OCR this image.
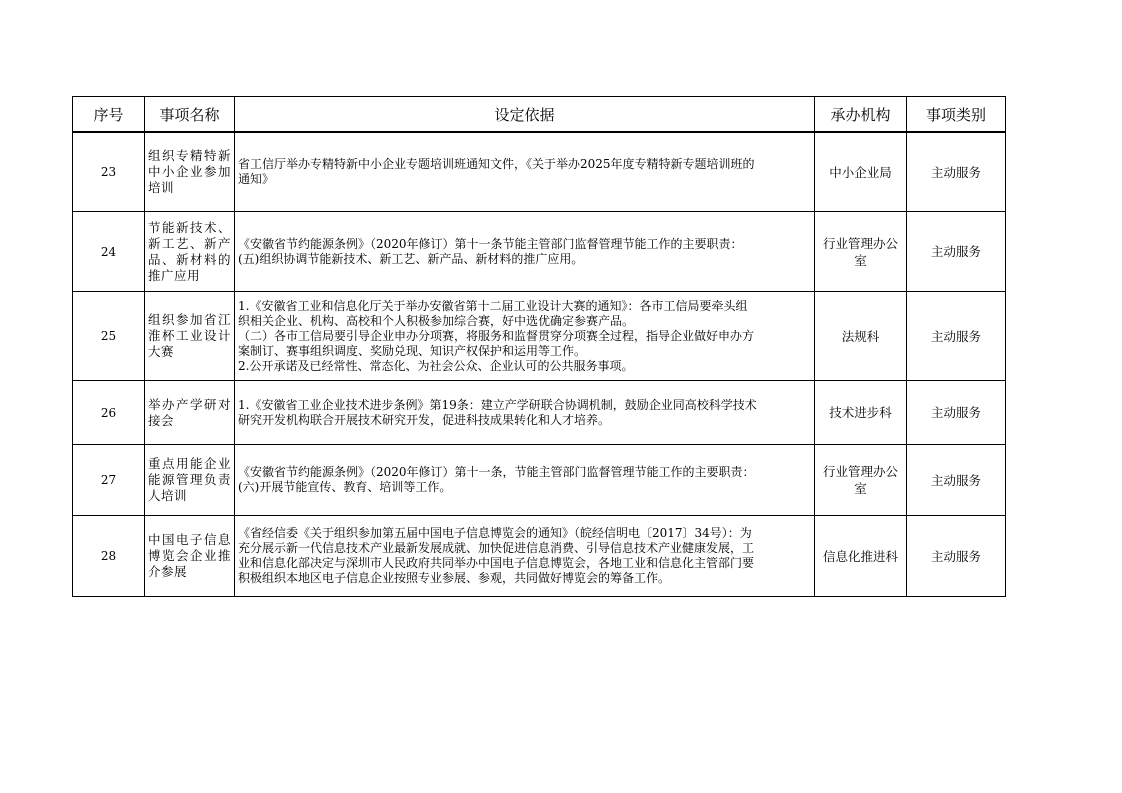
序号	事项名称	设定依据	承办机构	事项类别
23	组织专精特新中小企业参加培训	省工信厅举办专精特新中小企业专题培训班通知文件，《关于举办2025年度专精特新专题培训班的
通知》	中小企业局	主动服务
24	节能新技术、新工艺、新产品、新材料的推广应用	《安徽省节约能源条例》（2020年修订）第十一条节能主管部门监督管理节能工作的主要职责：
(五)组织协调节能新技术、新工艺、新产品、新材料的推广应用。	行业管理办公室	主动服务
25	组织参加省江淮杯工业设计大赛	1.《安徽省工业和信息化厅关于举办安徽省第十二届工业设计大赛的通知》：各市工信局要牵头组
织相关企业、机构、高校和个人积极参加综合赛，好中选优确定参赛产品。
（二）各市工信局要引导企业申办分项赛，将服务和监督贯穿分项赛全过程，指导企业做好申办方
案制订、赛事组织调度、奖励兑现、知识产权保护和运用等工作。
2.公开承诺及已经常性、常态化、为社会公众、企业认可的公共服务事项。	法规科	主动服务
26	举办产学研对接会	1.《安徽省工业企业技术进步条例》第19条：建立产学研联合协调机制，鼓励企业同高校科学技术
研究开发机构联合开展技术研究开发，促进科技成果转化和人才培养。	技术进步科	主动服务
27	重点用能企业能源管理负责人培训	《安徽省节约能源条例》（2020年修订）第十一条，节能主管部门监督管理节能工作的主要职责：
(六)开展节能宣传、教育、培训等工作。	行业管理办公室	主动服务
28	中国电子信息博览会企业推介参展	《省经信委《关于组织参加第五届中国电子信息博览会的通知》（皖经信明电〔2017〕34号）：为
充分展示新一代信息技术产业最新发展成就、加快促进信息消费、引导信息技术产业健康发展，工
业和信息化部决定与深圳市人民政府共同举办中国电子信息博览会，各地工业和信息化主管部门要
积极组织本地区电子信息企业按照专业参展、参观，共同做好博览会的筹备工作。	信息化推进科	主动服务
